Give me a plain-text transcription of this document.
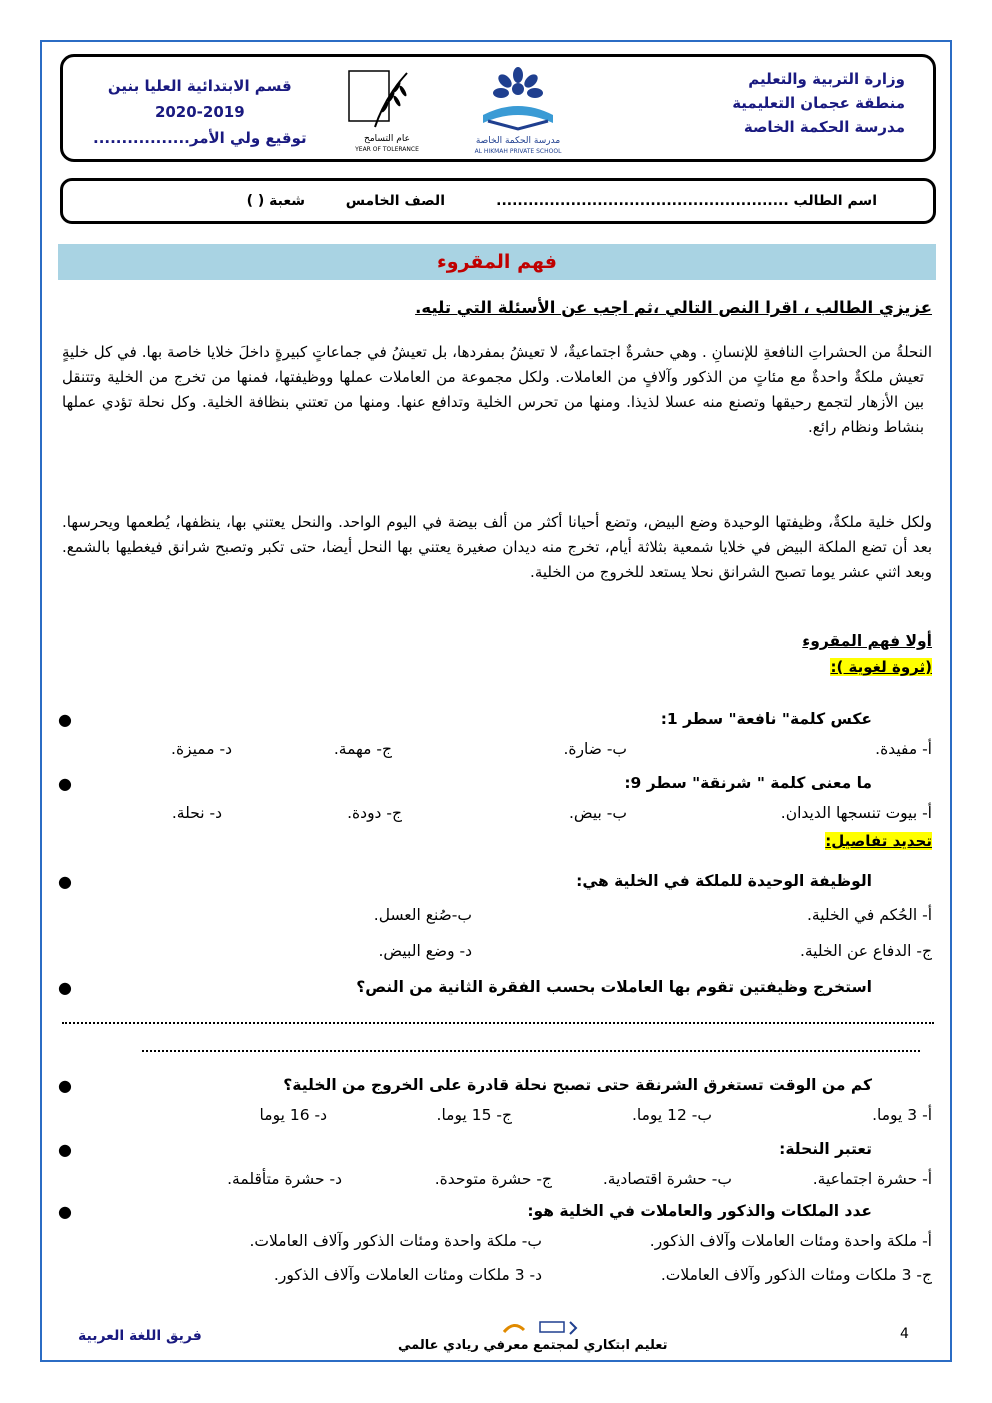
وزارة التربية والتعليم
منطقة عجمان التعليمية
مدرسة الحكمة الخاصة
مدرسة الحكمة الخاصة
AL HIKMAH PRIVATE SCHOOL
عام التسامح
YEAR OF TOLERANCE
قسم الابتدائية العليا بنين
2020-2019
توقيع ولي الأمر.................
اسم الطالب .......................................................
الصف الخامس
شعبة ( )
فهم المقروء
عزيزي الطالب ، اقرا النص التالي ،ثم اجب عن الأسئلة التي تليه.
النحلةُ من الحشراتِ النافعةِ للإنسانِ . وهي حشرةٌ اجتماعيةٌ، لا تعيشُ بمفردها، بل تعيشُ في جماعاتٍ كبيرةٍ داخلَ خلايا خاصة بها. في كل خليةٍ تعيش ملكةٌ واحدةٌ مع مئاتٍ من الذكور وآلافٍ من العاملات. ولكل مجموعة من العاملات عملها ووظيفتها، فمنها من تخرج من الخلية وتتنقل بين الأزهار لتجمع رحيقها وتصنع منه عسلا لذيذا. ومنها من تحرس الخلية وتدافع عنها. ومنها من تعتني بنظافة الخلية. وكل نحلة تؤدي عملها بنشاط ونظام رائع.
ولكل خلية ملكةٌ، وظيفتها الوحيدة وضع البيض، وتضع أحيانا أكثر من ألف بيضة في اليوم الواحد. والنحل يعتني بها، ينظفها، يُطعمها ويحرسها. بعد أن تضع الملكة البيض في خلايا شمعية بثلاثة أيام، تخرج منه ديدان صغيرة يعتني بها النحل أيضا، حتى تكبر وتصبح شرانق فيغطيها بالشمع. وبعد اثني عشر يوما تصبح الشرانق نحلا يستعد للخروج من الخلية.
أولا فهم المقروء
(ثروة لغوية ):
●	عكس كلمة" نافعة" سطر 1:
أ- مفيدة.
ب- ضارة.
ج- مهمة.
د- مميزة.
●	ما معنى كلمة " شرنقة" سطر 9:
أ- بيوت تنسجها الديدان.
ب- بيض.
ج- دودة.
د- نحلة.
تحديد تفاصيل:
●	الوظيفة الوحيدة للملكة في الخلية هي:
أ- الحُكم في الخلية.
ب-صُنع العسل.
ج- الدفاع عن الخلية.
د- وضع البيض.
●	استخرج وظيفتين تقوم بها العاملات بحسب الفقرة الثانية من النص؟
●	كم من الوقت تستغرق الشرنقة حتى تصبح نحلة قادرة على الخروج من الخلية؟
أ- 3 يوما.
ب- 12 يوما.
ج- 15 يوما.
د- 16 يوما
●	تعتبر النحلة:
أ- حشرة اجتماعية.
ب- حشرة اقتصادية.
ج- حشرة متوحدة.
د- حشرة متأقلمة.
●	عدد الملكات والذكور والعاملات في الخلية هو:
أ- ملكة واحدة ومئات العاملات وآلاف الذكور.
ب- ملكة واحدة ومئات الذكور وآلاف العاملات.
ج- 3 ملكات ومئات الذكور وآلاف العاملات.
د- 3 ملكات ومئات العاملات وآلاف الذكور.
فريق اللغة العربية
تعليم ابتكاري لمجتمع معرفي ريادي عالمي
4
